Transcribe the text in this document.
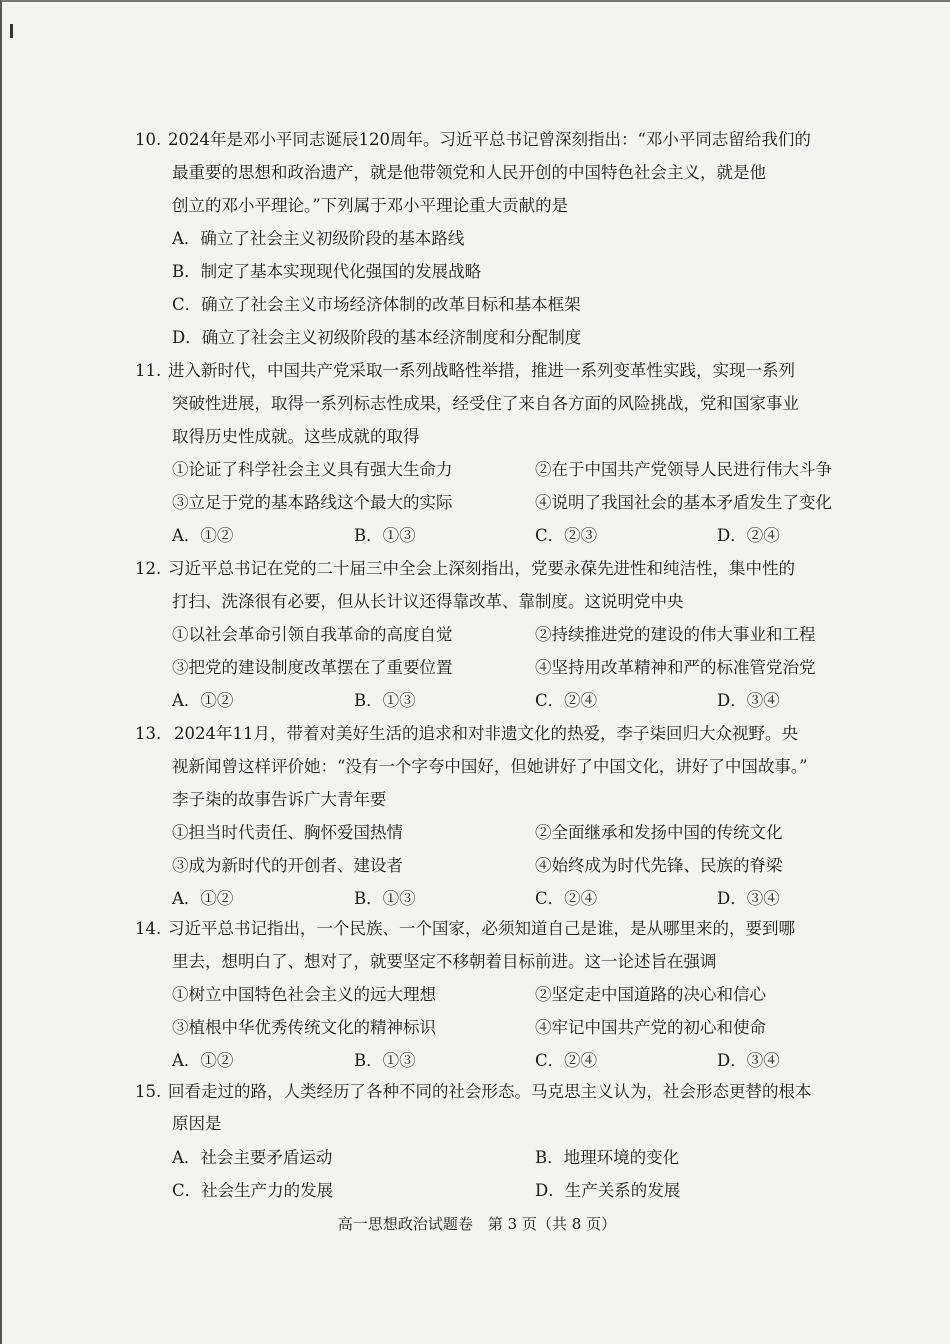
10. 2024年是邓小平同志诞辰120周年。习近平总书记曾深刻指出：“邓小平同志留给我们的
最重要的思想和政治遗产，就是他带领党和人民开创的中国特色社会主义，就是他
创立的邓小平理论。”下列属于邓小平理论重大贡献的是
A．确立了社会主义初级阶段的基本路线
B．制定了基本实现现代化强国的发展战略
C．确立了社会主义市场经济体制的改革目标和基本框架
D．确立了社会主义初级阶段的基本经济制度和分配制度
11. 进入新时代，中国共产党采取一系列战略性举措，推进一系列变革性实践，实现一系列
突破性进展，取得一系列标志性成果，经受住了来自各方面的风险挑战，党和国家事业
取得历史性成就。这些成就的取得
①论证了科学社会主义具有强大生命力	②在于中国共产党领导人民进行伟大斗争
③立足于党的基本路线这个最大的实际	④说明了我国社会的基本矛盾发生了变化
A．①②	B．①③	C．②③	D．②④
12. 习近平总书记在党的二十届三中全会上深刻指出，党要永葆先进性和纯洁性，集中性的
打扫、洗涤很有必要，但从长计议还得靠改革、靠制度。这说明党中央
①以社会革命引领自我革命的高度自觉	②持续推进党的建设的伟大事业和工程
③把党的建设制度改革摆在了重要位置	④坚持用改革精神和严的标准管党治党
A．①②	B．①③	C．②④	D．③④
13. 2024年11月，带着对美好生活的追求和对非遗文化的热爱，李子柒回归大众视野。央
视新闻曾这样评价她：“没有一个字夸中国好，但她讲好了中国文化，讲好了中国故事。”
李子柒的故事告诉广大青年要
①担当时代责任、胸怀爱国热情	②全面继承和发扬中国的传统文化
③成为新时代的开创者、建设者	④始终成为时代先锋、民族的脊梁
A．①②	B．①③	C．②④	D．③④
14. 习近平总书记指出，一个民族、一个国家，必须知道自己是谁，是从哪里来的，要到哪
里去，想明白了、想对了，就要坚定不移朝着目标前进。这一论述旨在强调
①树立中国特色社会主义的远大理想	②坚定走中国道路的决心和信心
③植根中华优秀传统文化的精神标识	④牢记中国共产党的初心和使命
A．①②	B．①③	C．②④	D．③④
15. 回看走过的路，人类经历了各种不同的社会形态。马克思主义认为，社会形态更替的根本
原因是
A．社会主要矛盾运动	B．地理环境的变化
C．社会生产力的发展	D．生产关系的发展
高一思想政治试题卷　第 3 页（共 8 页）
